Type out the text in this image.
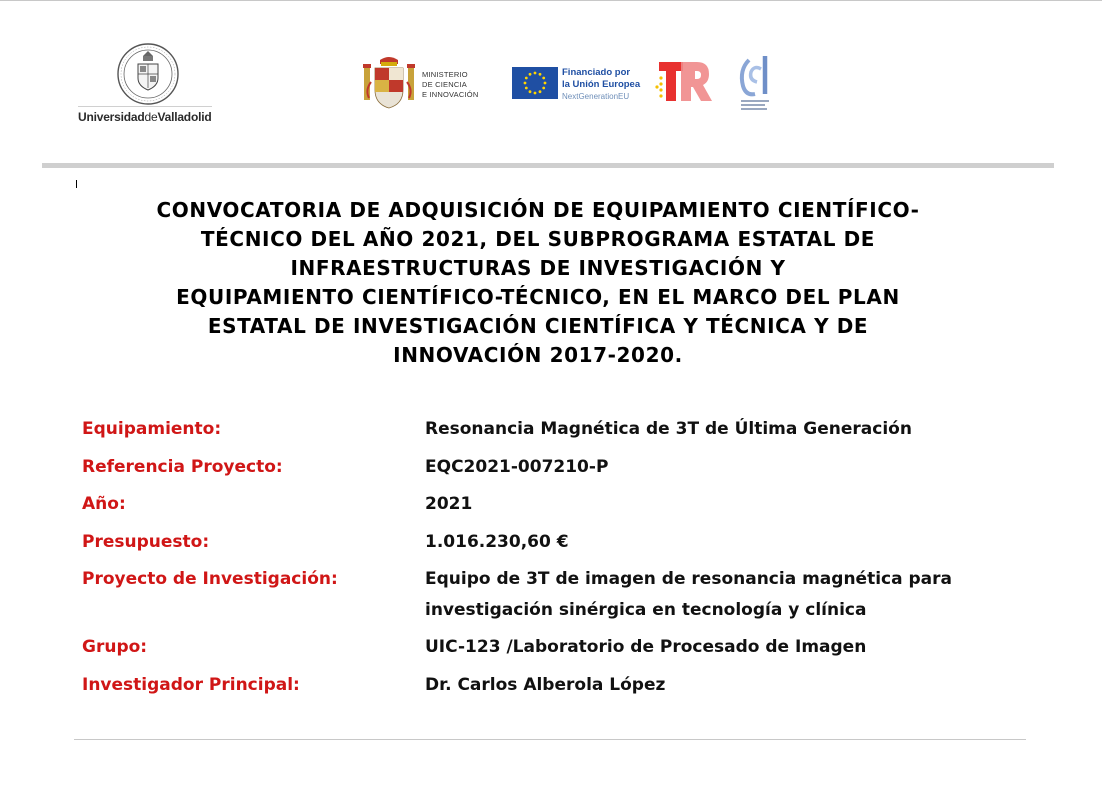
UniversidaddeValladolid
MINISTERIO
DE CIENCIA
E INNOVACIÓN
Financiado por
la Unión Europea
NextGenerationEU
CONVOCATORIA DE ADQUISICIÓN DE EQUIPAMIENTO CIENTÍFICO-
TÉCNICO DEL AÑO 2021, DEL SUBPROGRAMA ESTATAL DE
INFRAESTRUCTURAS DE INVESTIGACIÓN Y
EQUIPAMIENTO CIENTÍFICO-TÉCNICO, EN EL MARCO DEL PLAN
ESTATAL DE INVESTIGACIÓN CIENTÍFICA Y TÉCNICA Y DE
INNOVACIÓN 2017-2020.
Equipamiento:	Resonancia Magnética de 3T de Última Generación
Referencia Proyecto:	EQC2021-007210-P
Año:	2021
Presupuesto:	1.016.230,60 €
Proyecto de Investigación:	Equipo de 3T de imagen de resonancia magnética para
investigación sinérgica en tecnología y clínica
Grupo:	UIC-123 /Laboratorio de Procesado de Imagen
Investigador Principal:	Dr. Carlos Alberola López
